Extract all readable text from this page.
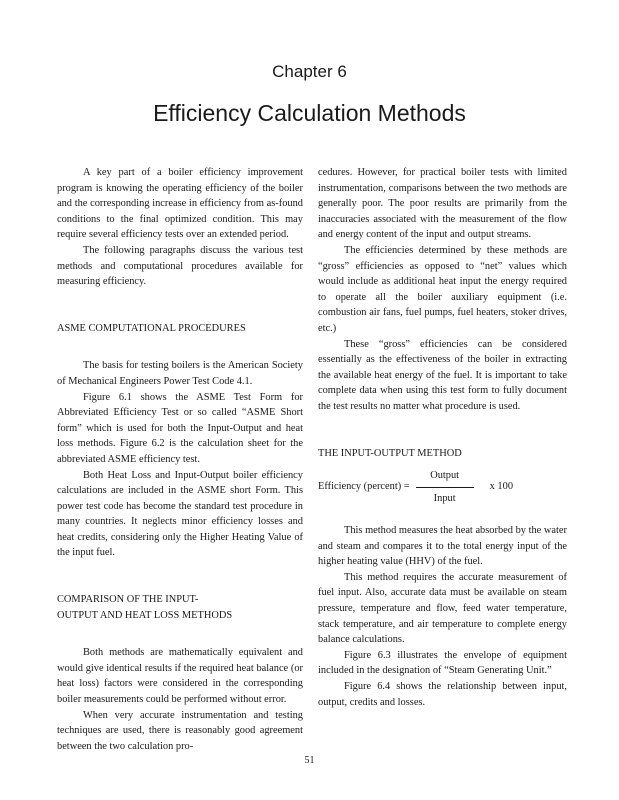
Chapter 6
Efficiency Calculation Methods

A key part of a boiler efficiency improvement program is knowing the operating efficiency of the boiler and the corresponding increase in efficiency from as-found conditions to the final optimized condition. This may require several efficiency tests over an extended period.

The following paragraphs discuss the various test methods and computational procedures available for measuring efficiency.

ASME COMPUTATIONAL PROCEDURES

The basis for testing boilers is the American Society of Mechanical Engineers Power Test Code 4.1.

Figure 6.1 shows the ASME Test Form for Abbreviated Efficiency Test or so called “ASME Short form” which is used for both the Input-Output and heat loss methods. Figure 6.2 is the calculation sheet for the abbreviated ASME efficiency test.

Both Heat Loss and Input-Output boiler efficiency calculations are included in the ASME short Form. This power test code has become the standard test procedure in many countries. It neglects minor efficiency losses and heat credits, considering only the Higher Heating Value of the input fuel.

COMPARISON OF THE INPUT-

OUTPUT AND HEAT LOSS METHODS

Both methods are mathematically equivalent and would give identical results if the required heat balance (or heat loss) factors were considered in the corresponding boiler measurements could be performed without error.

When very accurate instrumentation and testing techniques are used, there is reasonably good agreement between the two calculation pro-

cedures. However, for practical boiler tests with limited instrumentation, comparisons between the two methods are generally poor. The poor results are primarily from the inaccuracies associated with the measurement of the flow and energy content of the input and output streams.

The efficiencies determined by these methods are “gross” efficiencies as opposed to “net” values which would include as additional heat input the energy required to operate all the boiler auxiliary equipment (i.e. combustion air fans, fuel pumps, fuel heaters, stoker drives, etc.)

These “gross” efficiencies can be considered essentially as the effectiveness of the boiler in extracting the available heat energy of the fuel. It is important to take complete data when using this test form to fully document the test results no matter what procedure is used.

THE INPUT-OUTPUT METHOD

Efficiency (percent) = $\frac{\text{Output}}{\text{Input}}$ x 100

This method measures the heat absorbed by the water and steam and compares it to the total energy input of the higher heating value (HHV) of the fuel.

This method requires the accurate measurement of fuel input. Also, accurate data must be available on steam pressure, temperature and flow, feed water temperature, stack temperature, and air temperature to complete energy balance calculations.

Figure 6.3 illustrates the envelope of equipment included in the designation of “Steam Generating Unit.”

Figure 6.4 shows the relationship between input, output, credits and losses.

51
